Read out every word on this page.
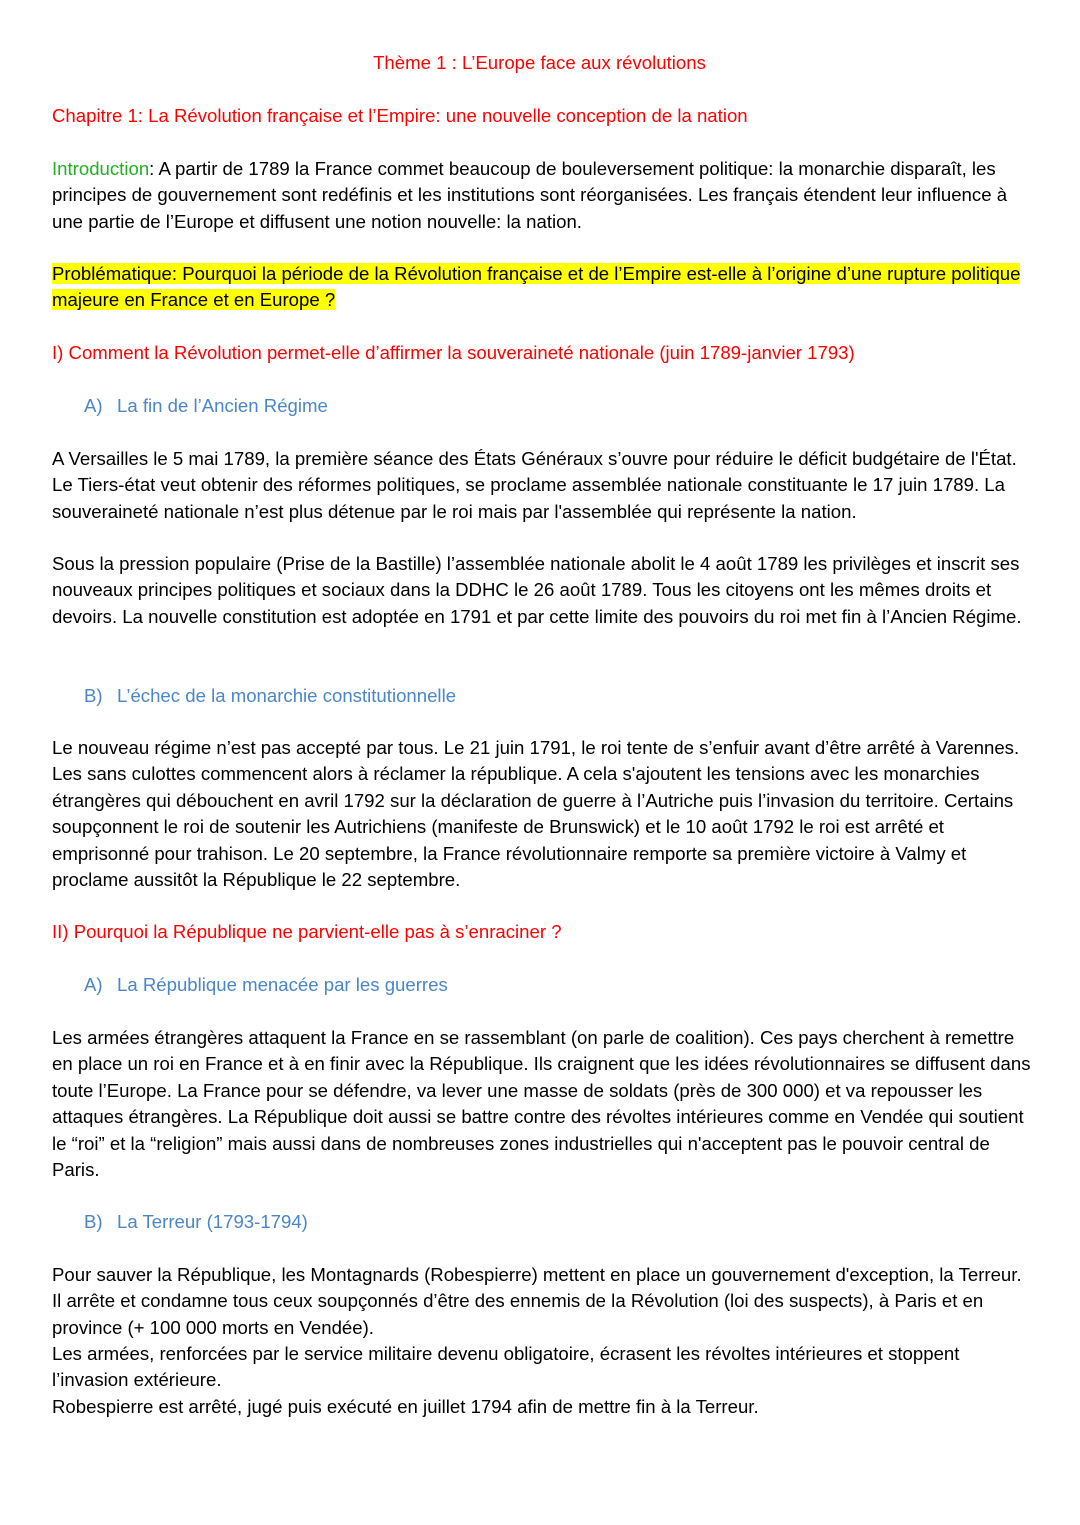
Thème 1 : L’Europe face aux révolutions

Chapitre 1: La Révolution française et l’Empire: une nouvelle conception de la nation

Introduction: A partir de 1789 la France commet beaucoup de bouleversement politique: la monarchie disparaît, les principes de gouvernement sont redéfinis et les institutions sont réorganisées. Les français étendent leur influence à une partie de l’Europe et diffusent une notion nouvelle: la nation.

Problématique: Pourquoi la période de la Révolution française et de l’Empire est-elle à l’origine d’une rupture politique majeure en France et en Europe ?

I) Comment la Révolution permet-elle d’affirmer la souveraineté nationale (juin 1789-janvier 1793)

A) La fin de l’Ancien Régime

A Versailles le 5 mai 1789, la première séance des États Généraux s’ouvre pour réduire le déficit budgétaire de l'État. Le Tiers-état veut obtenir des réformes politiques, se proclame assemblée nationale constituante le 17 juin 1789. La souveraineté nationale n’est plus détenue par le roi mais par l'assemblée qui représente la nation.

Sous la pression populaire (Prise de la Bastille) l’assemblée nationale abolit le 4 août 1789 les privilèges et inscrit ses nouveaux principes politiques et sociaux dans la DDHC le 26 août 1789. Tous les citoyens ont les mêmes droits et devoirs. La nouvelle constitution est adoptée en 1791 et par cette limite des pouvoirs du roi met fin à l’Ancien Régime.

B) L’échec de la monarchie constitutionnelle

Le nouveau régime n’est pas accepté par tous. Le 21 juin 1791, le roi tente de s’enfuir avant d’être arrêté à Varennes. Les sans culottes commencent alors à réclamer la république. A cela s'ajoutent les tensions avec les monarchies étrangères qui débouchent en avril 1792 sur la déclaration de guerre à l’Autriche puis l’invasion du territoire. Certains soupçonnent le roi de soutenir les Autrichiens (manifeste de Brunswick) et le 10 août 1792 le roi est arrêté et emprisonné pour trahison. Le 20 septembre, la France révolutionnaire remporte sa première victoire à Valmy et proclame aussitôt la République le 22 septembre.

II) Pourquoi la République ne parvient-elle pas à s’enraciner ?

A) La République menacée par les guerres

Les armées étrangères attaquent la France en se rassemblant (on parle de coalition). Ces pays cherchent à remettre en place un roi en France et à en finir avec la République. Ils craignent que les idées révolutionnaires se diffusent dans toute l’Europe. La France pour se défendre, va lever une masse de soldats (près de 300 000) et va repousser les attaques étrangères. La République doit aussi se battre contre des révoltes intérieures comme en Vendée qui soutient le “roi” et la “religion” mais aussi dans de nombreuses zones industrielles qui n'acceptent pas le pouvoir central de Paris.

B) La Terreur (1793-1794)

Pour sauver la République, les Montagnards (Robespierre) mettent en place un gouvernement d'exception, la Terreur. Il arrête et condamne tous ceux soupçonnés d’être des ennemis de la Révolution (loi des suspects), à Paris et en province (+ 100 000 morts en Vendée).

Les armées, renforcées par le service militaire devenu obligatoire, écrasent les révoltes intérieures et stoppent l’invasion extérieure.

Robespierre est arrêté, jugé puis exécuté en juillet 1794 afin de mettre fin à la Terreur.
